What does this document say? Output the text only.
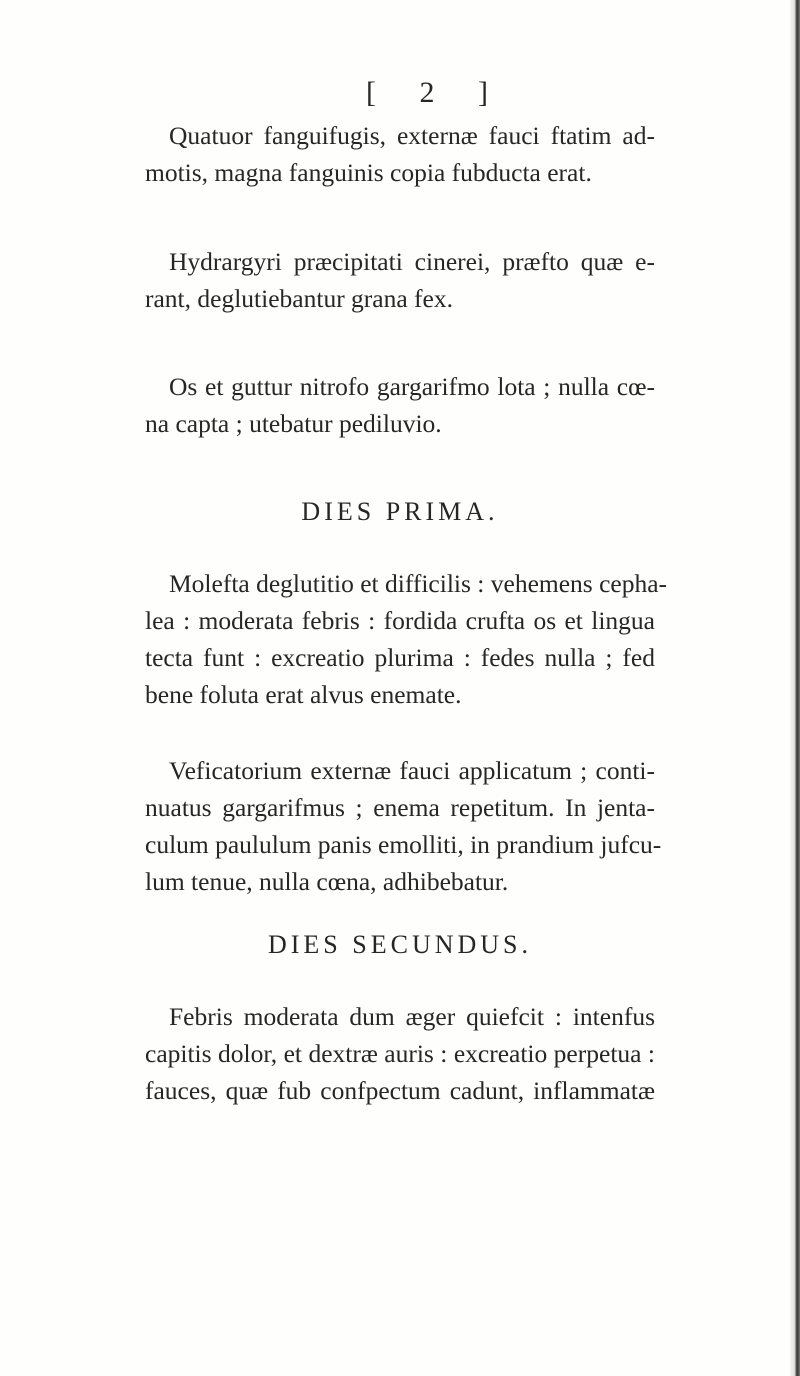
[ 2 ]
Quatuor fanguifugis, externæ fauci ftatim ad-
motis, magna fanguinis copia fubducta erat.
Hydrargyri præcipitati cinerei, præfto quæ e-
rant, deglutiebantur grana fex.
Os et guttur nitrofo gargarifmo lota ; nulla cœ-
na capta ; utebatur pediluvio.
DIES PRIMA.
Molefta deglutitio et difficilis : vehemens cepha-
lea : moderata febris : fordida crufta os et lingua
tecta funt : excreatio plurima : fedes nulla ; fed
bene foluta erat alvus enemate.
Veficatorium externæ fauci applicatum ; conti-
nuatus gargarifmus ; enema repetitum. In jenta-
culum paululum panis emolliti, in prandium jufcu-
lum tenue, nulla cœna, adhibebatur.
DIES SECUNDUS.
Febris moderata dum æger quiefcit : intenfus
capitis dolor, et dextræ auris : excreatio perpetua :
fauces, quæ fub confpectum cadunt, inflammatæ
